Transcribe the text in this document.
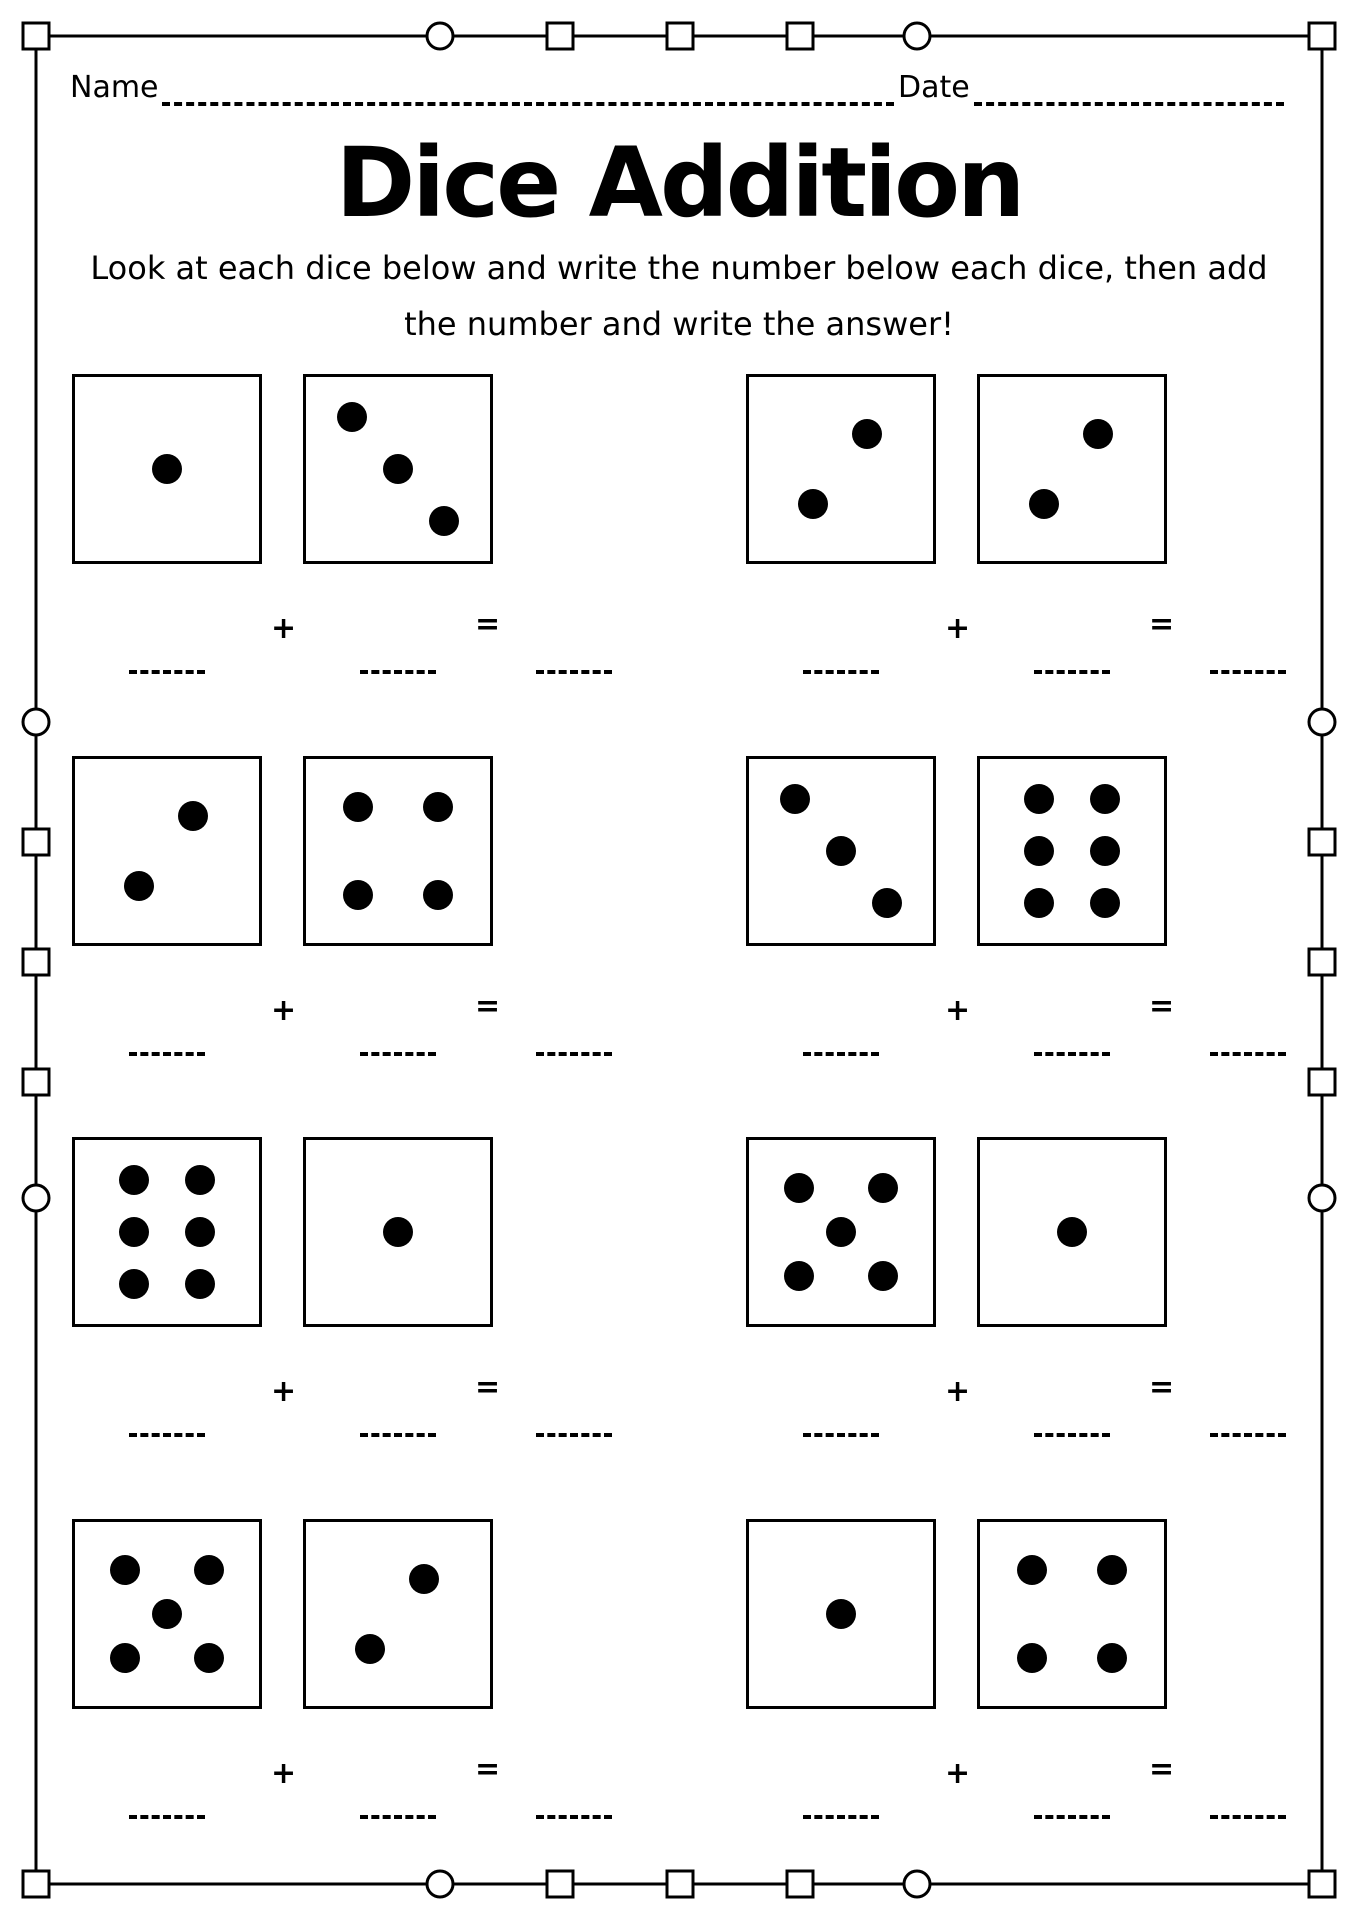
Name	Date
Dice Addition
Look at each dice below and write the number below each dice, then add the number and write the answer!
+	=	+	=
+	=	+	=
+	=	+	=
+	=	+	=
